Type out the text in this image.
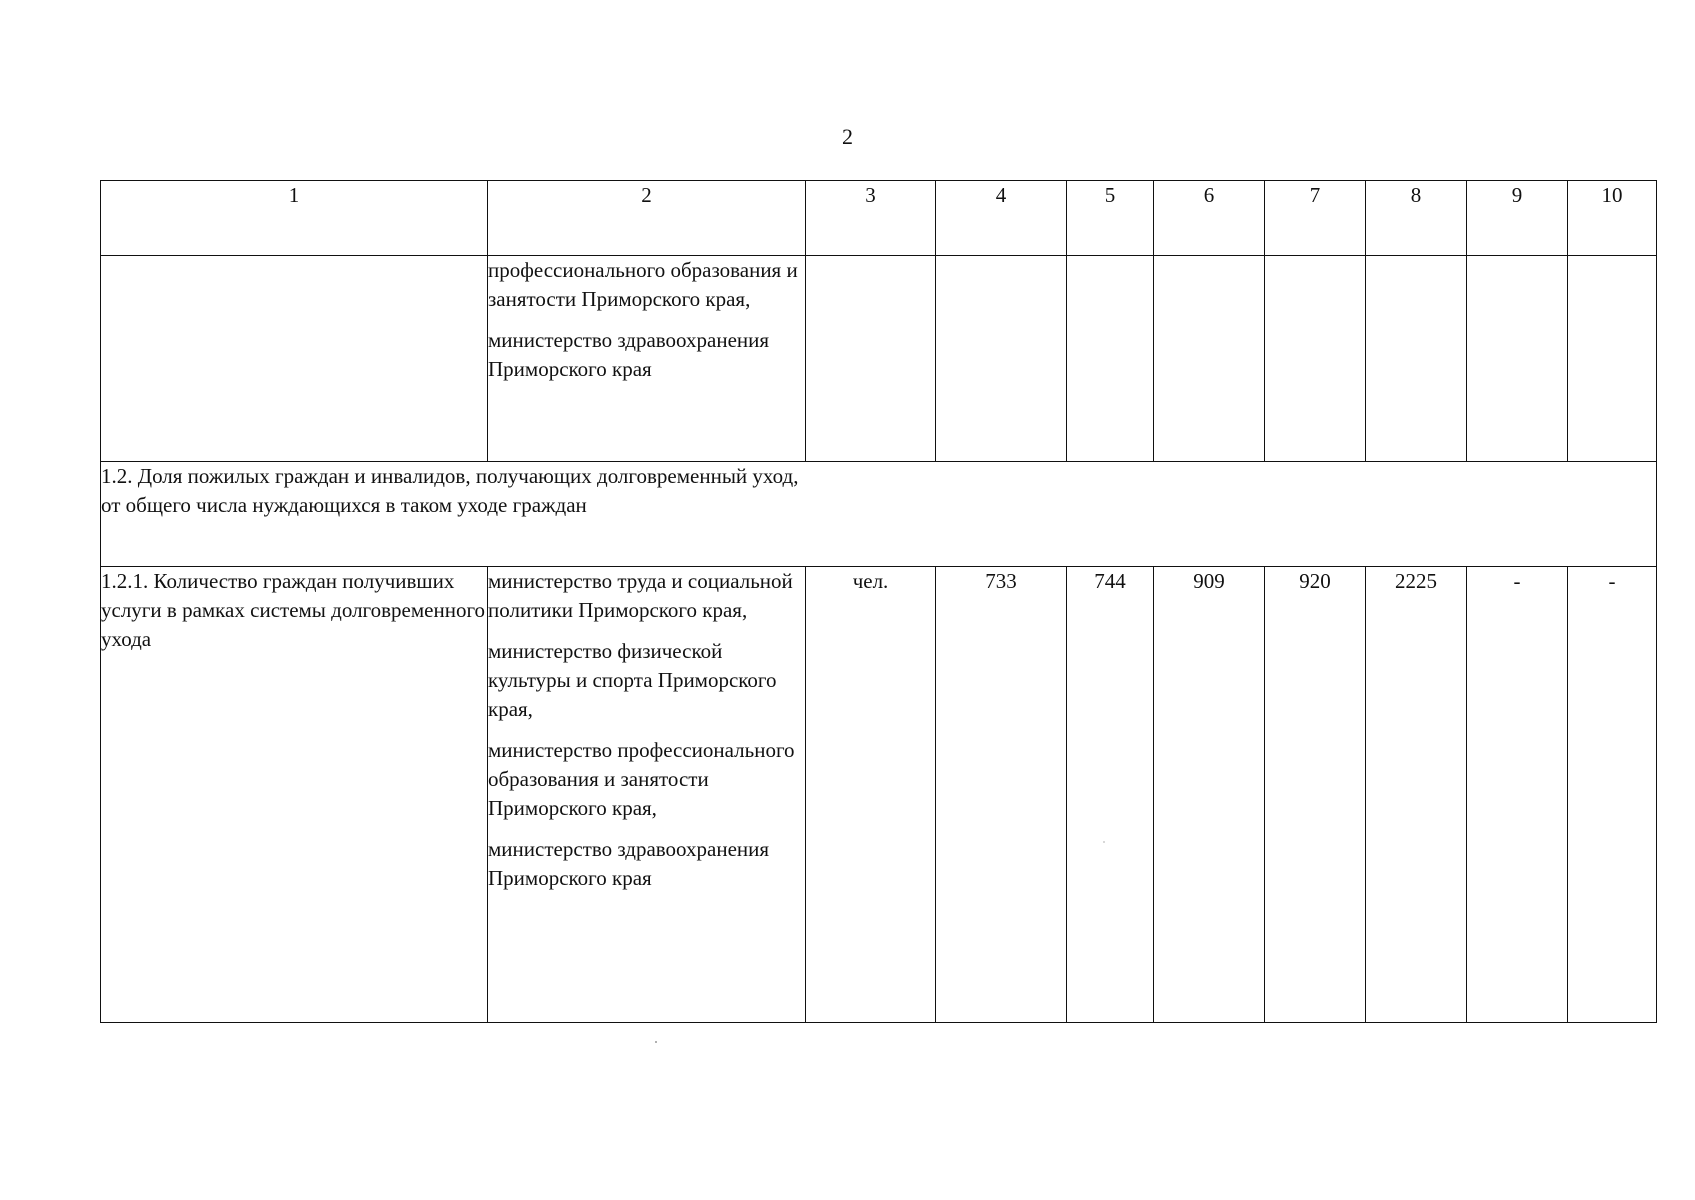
2
1	2	3	4	5	6	7	8	9	10

	профессионального образования и занятости Приморского края,
министерство здравоохранения Приморского края								

1.2. Доля пожилых граждан и инвалидов, получающих долговременный уход,
от общего числа нуждающихся в таком уходе граждан									

1.2.1. Количество граждан получивших услуги в рамках системы долговременного ухода	министерство труда и социальной политики Приморского края,
министерство физической культуры и спорта Приморского края,
министерство профессионального образования и занятости Приморского края,
министерство здравоохранения Приморского края	чел.	733	744	909	920	2225	-	-
